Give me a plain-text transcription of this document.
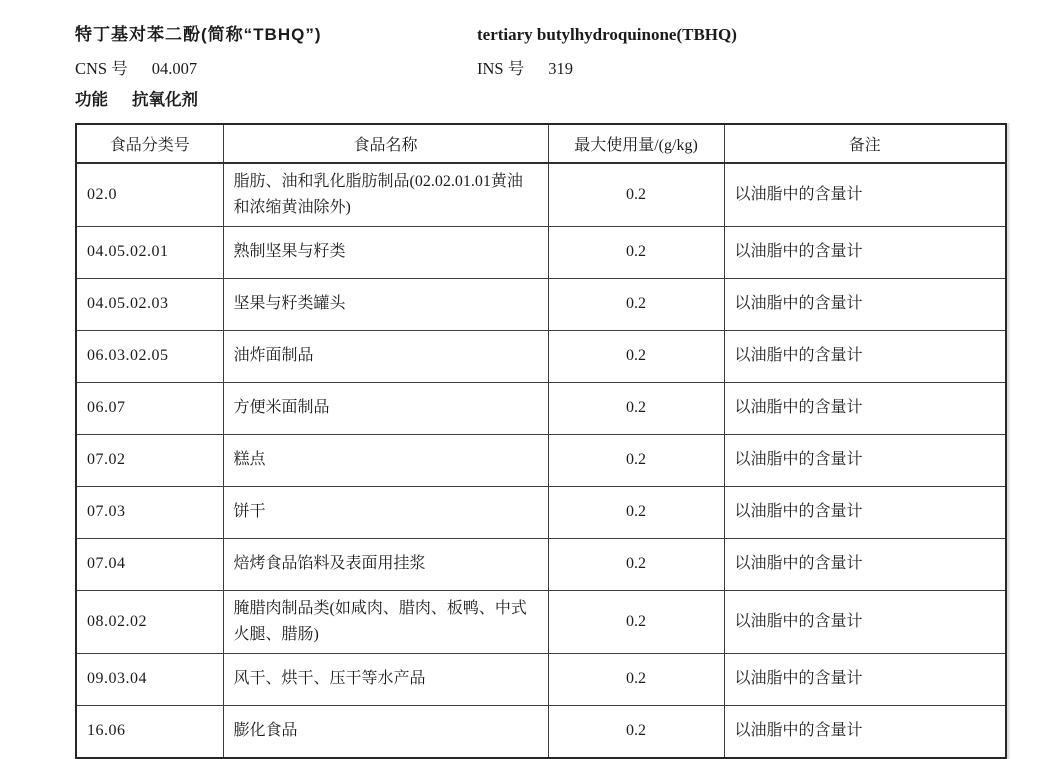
特丁基对苯二酚(简称“TBHQ”)	tertiary butylhydroquinone(TBHQ)
CNS 号 04.007	INS 号 319
功能 抗氧化剂
食品分类号	食品名称	最大使用量/(g/kg)	备注
02.0	脂肪、油和乳化脂肪制品(02.02.01.01黄油和浓缩黄油除外)	0.2	以油脂中的含量计
04.05.02.01	熟制坚果与籽类	0.2	以油脂中的含量计
04.05.02.03	坚果与籽类罐头	0.2	以油脂中的含量计
06.03.02.05	油炸面制品	0.2	以油脂中的含量计
06.07	方便米面制品	0.2	以油脂中的含量计
07.02	糕点	0.2	以油脂中的含量计
07.03	饼干	0.2	以油脂中的含量计
07.04	焙烤食品馅料及表面用挂浆	0.2	以油脂中的含量计
08.02.02	腌腊肉制品类(如咸肉、腊肉、板鸭、中式火腿、腊肠)	0.2	以油脂中的含量计
09.03.04	风干、烘干、压干等水产品	0.2	以油脂中的含量计
16.06	膨化食品	0.2	以油脂中的含量计
